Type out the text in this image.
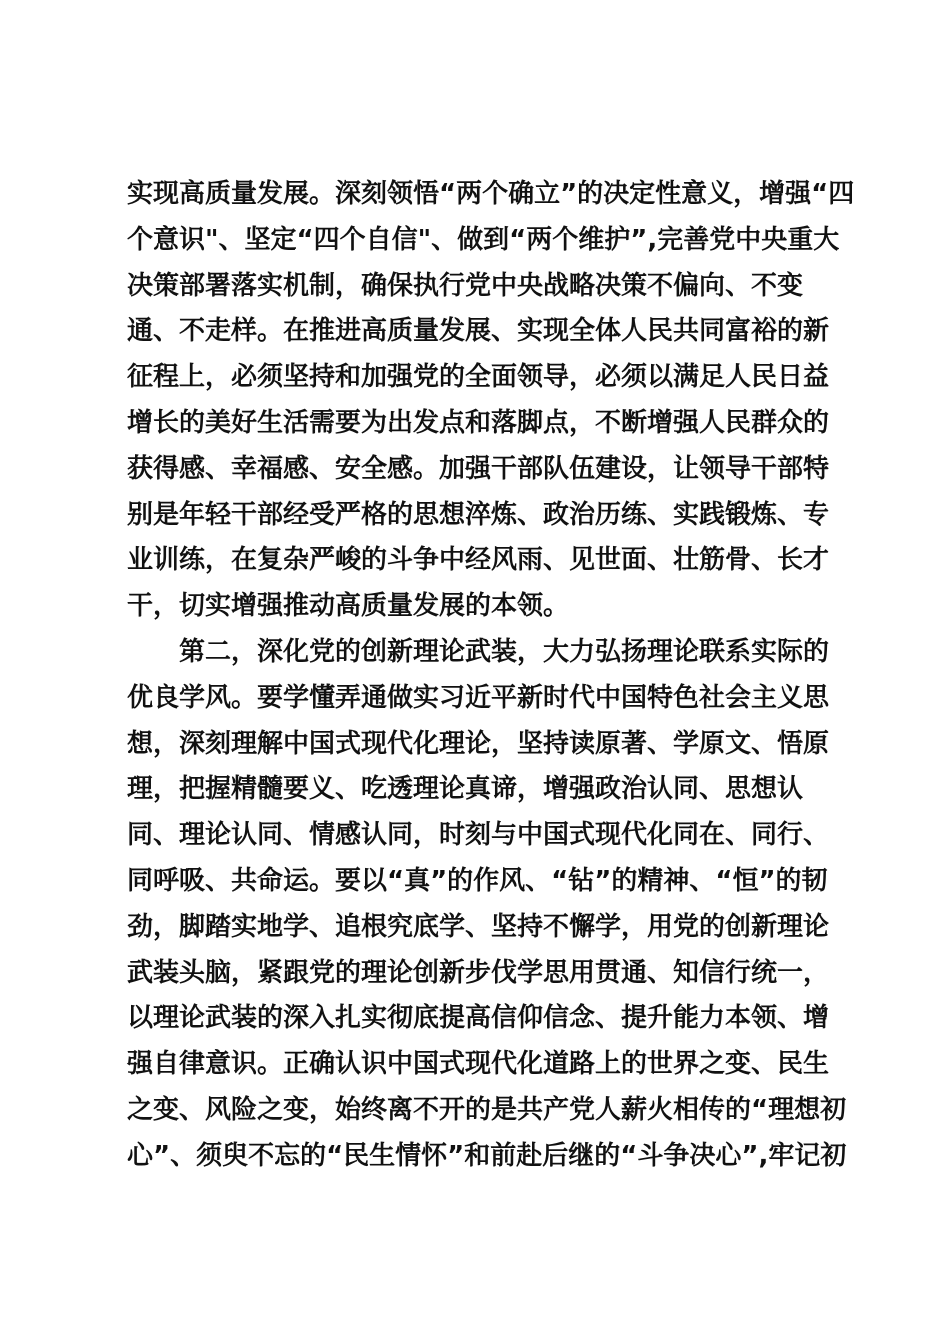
实现高质量发展。深刻领悟“两个确立”的决定性意义，增强“四
个意识"、坚定“四个自信"、做到“两个维护”,完善党中央重大
决策部署落实机制，确保执行党中央战略决策不偏向、不变
通、不走样。在推进高质量发展、实现全体人民共同富裕的新
征程上，必须坚持和加强党的全面领导，必须以满足人民日益
增长的美好生活需要为出发点和落脚点，不断增强人民群众的
获得感、幸福感、安全感。加强干部队伍建设，让领导干部特
别是年轻干部经受严格的思想淬炼、政治历练、实践锻炼、专
业训练，在复杂严峻的斗争中经风雨、见世面、壮筋骨、长才
干，切实增强推动高质量发展的本领。
第二，深化党的创新理论武装，大力弘扬理论联系实际的
优良学风。要学懂弄通做实习近平新时代中国特色社会主义思
想，深刻理解中国式现代化理论，坚持读原著、学原文、悟原
理，把握精髓要义、吃透理论真谛，增强政治认同、思想认
同、理论认同、情感认同，时刻与中国式现代化同在、同行、
同呼吸、共命运。要以“真”的作风、“钻”的精神、“恒”的韧
劲，脚踏实地学、追根究底学、坚持不懈学，用党的创新理论
武装头脑，紧跟党的理论创新步伐学思用贯通、知信行统一，
以理论武装的深入扎实彻底提高信仰信念、提升能力本领、增
强自律意识。正确认识中国式现代化道路上的世界之变、民生
之变、风险之变，始终离不开的是共产党人薪火相传的“理想初
心”、须臾不忘的“民生情怀”和前赴后继的“斗争决心”,牢记初
